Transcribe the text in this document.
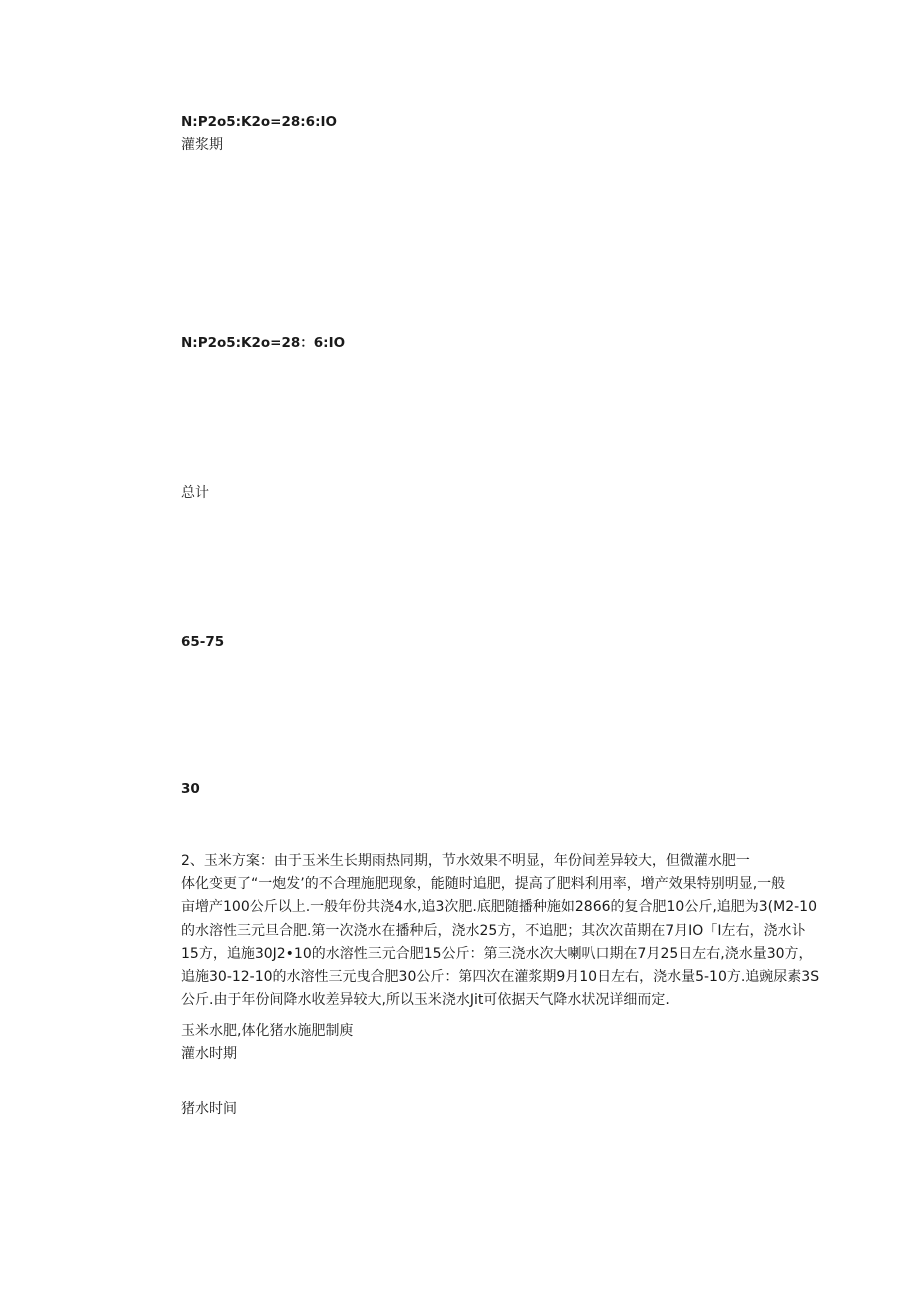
N:P2o5:K2o=28:6:IO
灌浆期
N:P2o5:K2o=28：6:IO
总计
65-75
30
2、玉米方案：由于玉米生长期雨热同期，节水效果不明显，年份间差异较大，但微灌水肥一
体化变更了“一炮发’的不合理施肥现象，能随时追肥，提高了肥料利用率，增产效果特别明显,一般
亩增产100公斤以上.一般年份共浇4水,追3次肥.底肥随播种施如2866的复合肥10公斤,追肥为3(M2-10
的水溶性三元旦合肥.第一次浇水在播种后，浇水25方，不追肥；其次次苗期在7月IO「I左右，浇水讣
15方，追施30J2•10的水溶性三元合肥15公斤：第三浇水次大喇叭口期在7月25日左右,浇水量30方，
追施30-12-10的水溶性三元曳合肥30公斤：第四次在灌浆期9月10日左右，浇水量5-10方.追豌尿素3S
公斤.由于年份间降水收差异较大,所以玉米浇水Jit可依据天气降水状况详细而定.
玉米水肥,体化猪水施肥制庾
灌水时期
猪水时间
